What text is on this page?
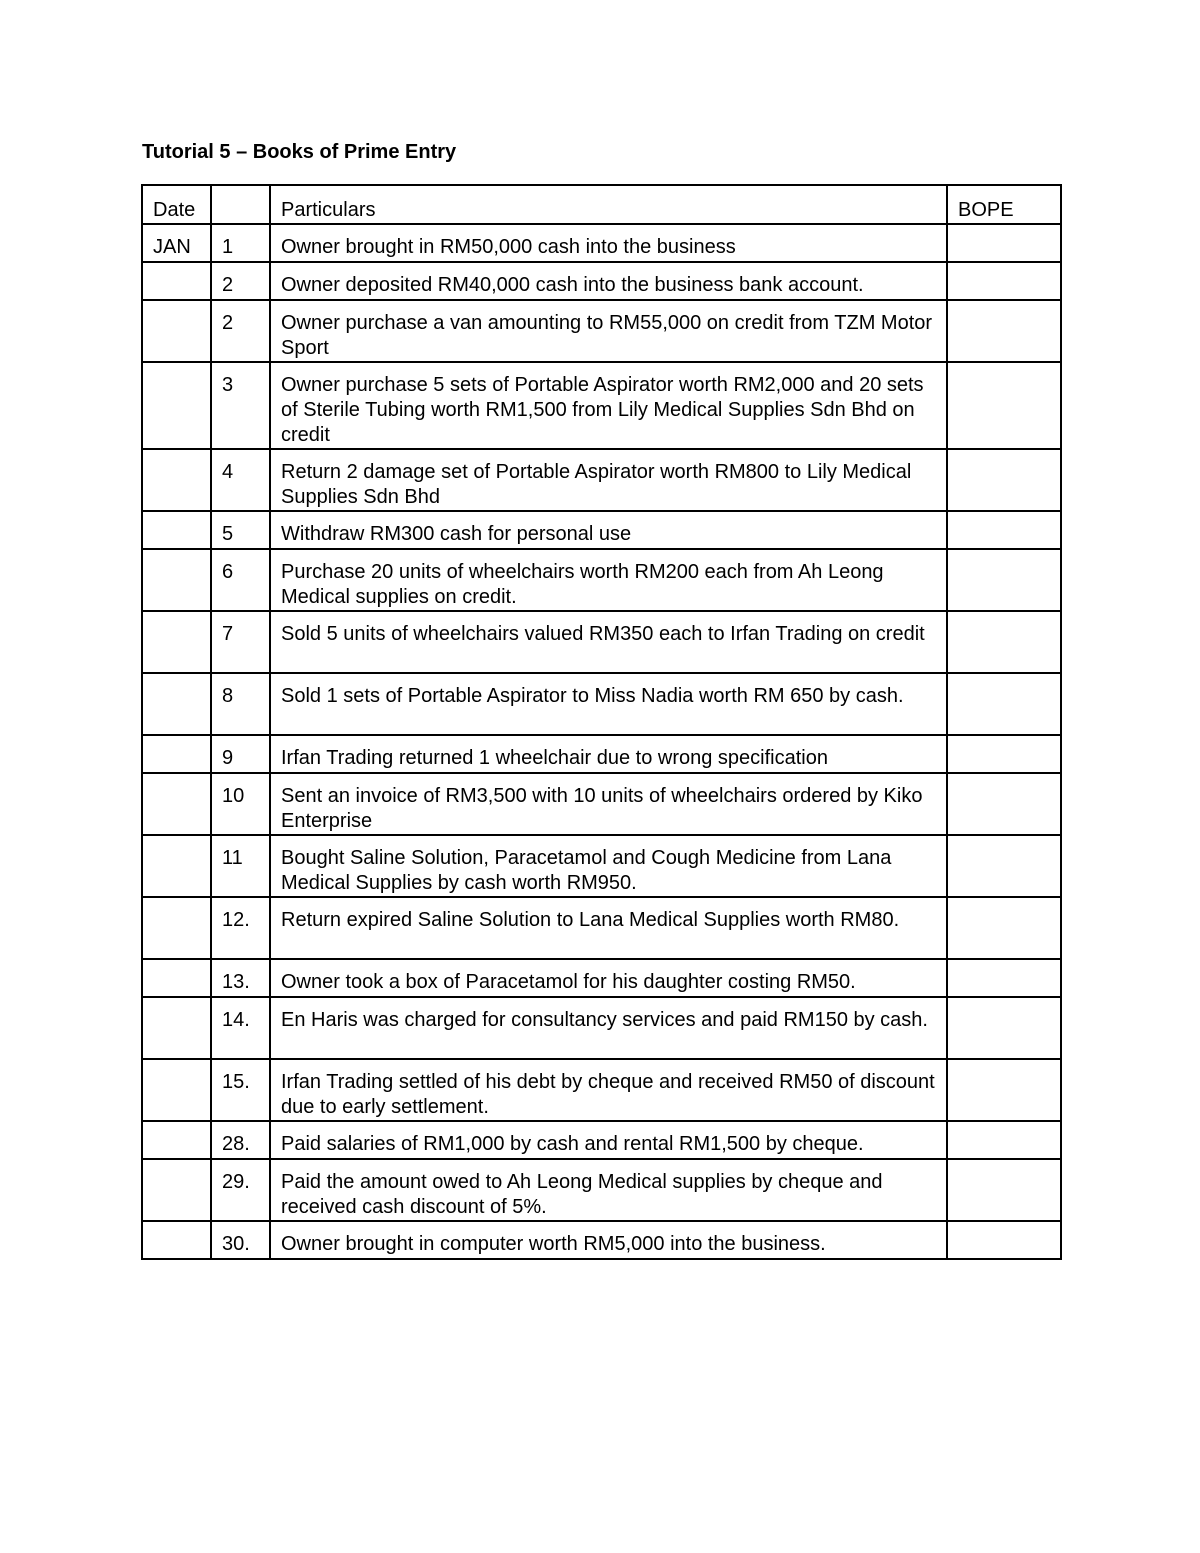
Tutorial 5 – Books of Prime Entry
Date		Particulars	BOPE
JAN	1	Owner brought in RM50,000 cash into the business	
	2	Owner deposited RM40,000 cash into the business bank account.	
	2	Owner purchase a van amounting to RM55,000 on credit from TZM Motor Sport	
	3	Owner purchase 5 sets of Portable Aspirator worth RM2,000 and 20 sets of Sterile Tubing worth RM1,500 from Lily Medical Supplies Sdn Bhd on credit	
	4	Return 2 damage set of Portable Aspirator worth RM800 to Lily Medical Supplies Sdn Bhd	
	5	Withdraw RM300 cash for personal use	
	6	Purchase 20 units of wheelchairs worth RM200 each from Ah Leong Medical supplies on credit.	
	7	Sold 5 units of wheelchairs valued RM350 each to Irfan Trading on credit	
	8	Sold 1 sets of Portable Aspirator to Miss Nadia worth RM 650 by cash.	
	9	Irfan Trading returned 1 wheelchair due to wrong specification	
	10	Sent an invoice of RM3,500 with 10 units of wheelchairs ordered by Kiko Enterprise	
	11	Bought Saline Solution, Paracetamol and Cough Medicine from Lana Medical Supplies by cash worth RM950.	
	12.	Return expired Saline Solution to Lana Medical Supplies worth RM80.	
	13.	Owner took a box of Paracetamol for his daughter costing RM50.	
	14.	En Haris was charged for consultancy services and paid RM150 by cash.	
	15.	Irfan Trading settled of his debt by cheque and received RM50 of discount due to early settlement.	
	28.	Paid salaries of RM1,000 by cash and rental RM1,500 by cheque.	
	29.	Paid the amount owed to Ah Leong Medical supplies by cheque and received cash discount of 5%.	
	30.	Owner brought in computer worth RM5,000 into the business.	
